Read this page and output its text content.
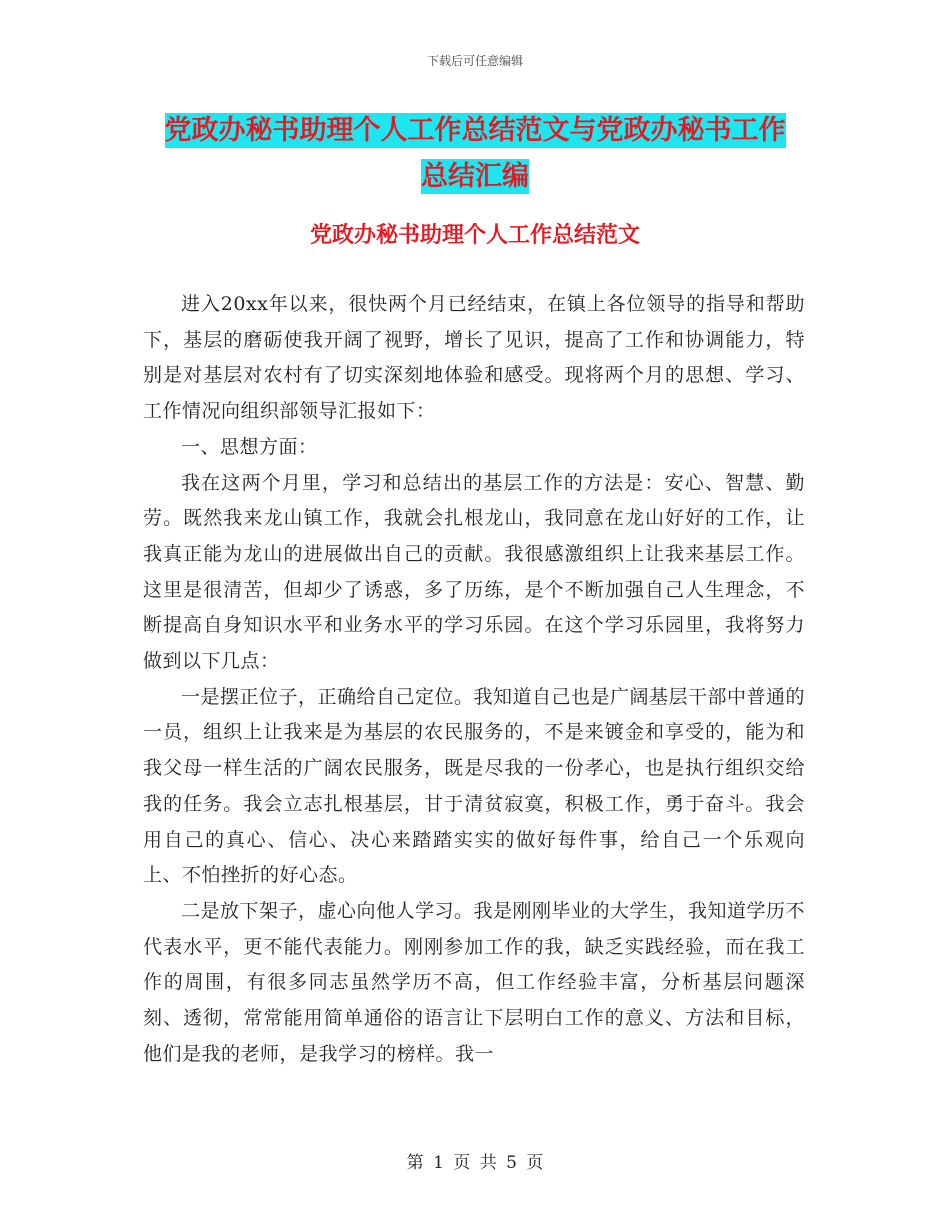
下载后可任意编辑
党政办秘书助理个人工作总结范文与党政办秘书工作
总结汇编
党政办秘书助理个人工作总结范文

进入20xx年以来，很快两个月已经结束，在镇上各位领导的指导和帮助下，基层的磨砺使我开阔了视野，增长了见识，提高了工作和协调能力，特别是对基层对农村有了切实深刻地体验和感受。现将两个月的思想、学习、工作情况向组织部领导汇报如下：

一、思想方面：

我在这两个月里，学习和总结出的基层工作的方法是：安心、智慧、勤劳。既然我来龙山镇工作，我就会扎根龙山，我同意在龙山好好的工作，让我真正能为龙山的进展做出自己的贡献。我很感激组织上让我来基层工作。这里是很清苦，但却少了诱惑，多了历练，是个不断加强自己人生理念，不断提高自身知识水平和业务水平的学习乐园。在这个学习乐园里，我将努力做到以下几点：

一是摆正位子，正确给自己定位。我知道自己也是广阔基层干部中普通的一员，组织上让我来是为基层的农民服务的，不是来镀金和享受的，能为和我父母一样生活的广阔农民服务，既是尽我的一份孝心，也是执行组织交给我的任务。我会立志扎根基层，甘于清贫寂寞，积极工作，勇于奋斗。我会用自己的真心、信心、决心来踏踏实实的做好每件事，给自己一个乐观向上、不怕挫折的好心态。

二是放下架子，虚心向他人学习。我是刚刚毕业的大学生，我知道学历不代表水平，更不能代表能力。刚刚参加工作的我，缺乏实践经验，而在我工作的周围，有很多同志虽然学历不高，但工作经验丰富，分析基层问题深刻、透彻，常常能用简单通俗的语言让下层明白工作的意义、方法和目标，他们是我的老师，是我学习的榜样。我一

第 1 页 共 5 页
